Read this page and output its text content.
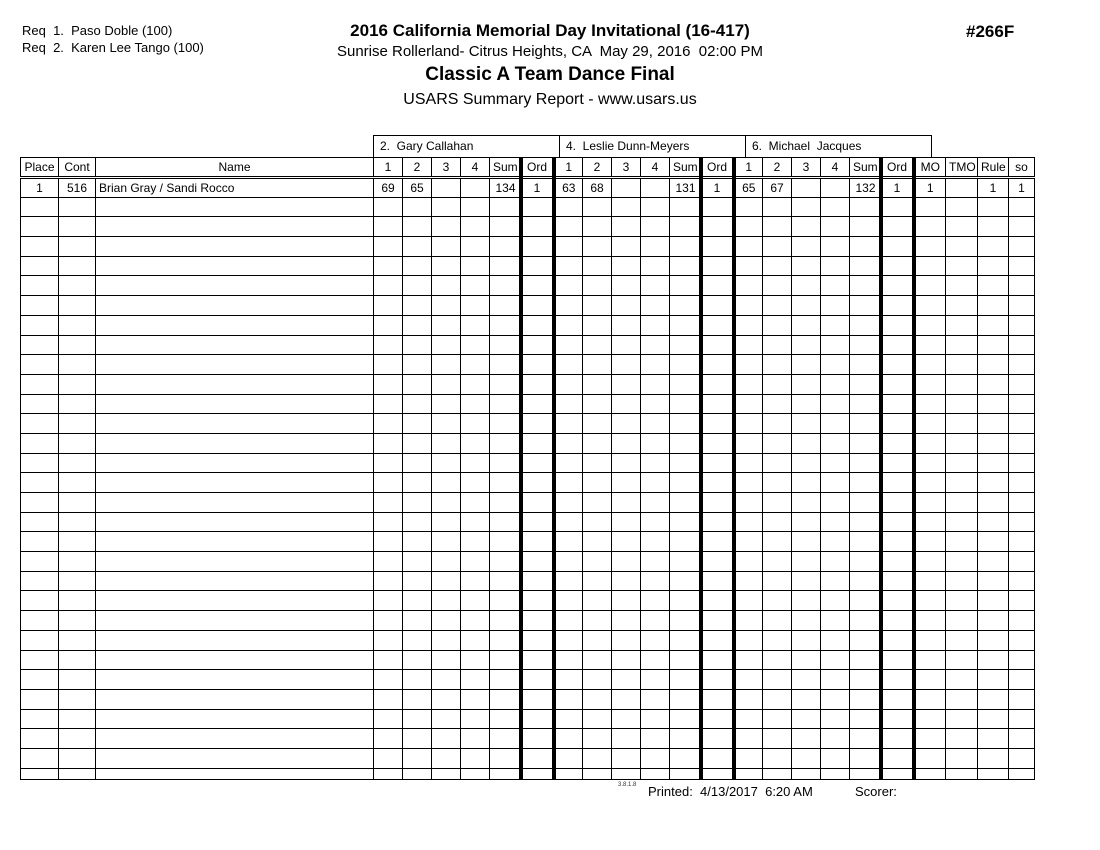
Req  1.  Paso Doble (100)
Req  2.  Karen Lee Tango (100)
2016 California Memorial Day Invitational (16-417)
Sunrise Rollerland- Citrus Heights, CA  May 29, 2016  02:00 PM
Classic A Team Dance Final
USARS Summary Report - www.usars.us
#266F
2.  Gary Callahan	4.  Leslie Dunn-Meyers	6.  Michael  Jacques
Place	Cont	Name	1	2	3	4	Sum	Ord	1	2	3	4	Sum	Ord	1	2	3	4	Sum	Ord	MO	TMO	Rule	so
1	516	Brian Gray / Sandi Rocco	69	65			134	1	63	68			131	1	65	67			132	1	1		1	1

3.8.1.8 Printed:  4/13/2017  6:20 AM	Scorer:
